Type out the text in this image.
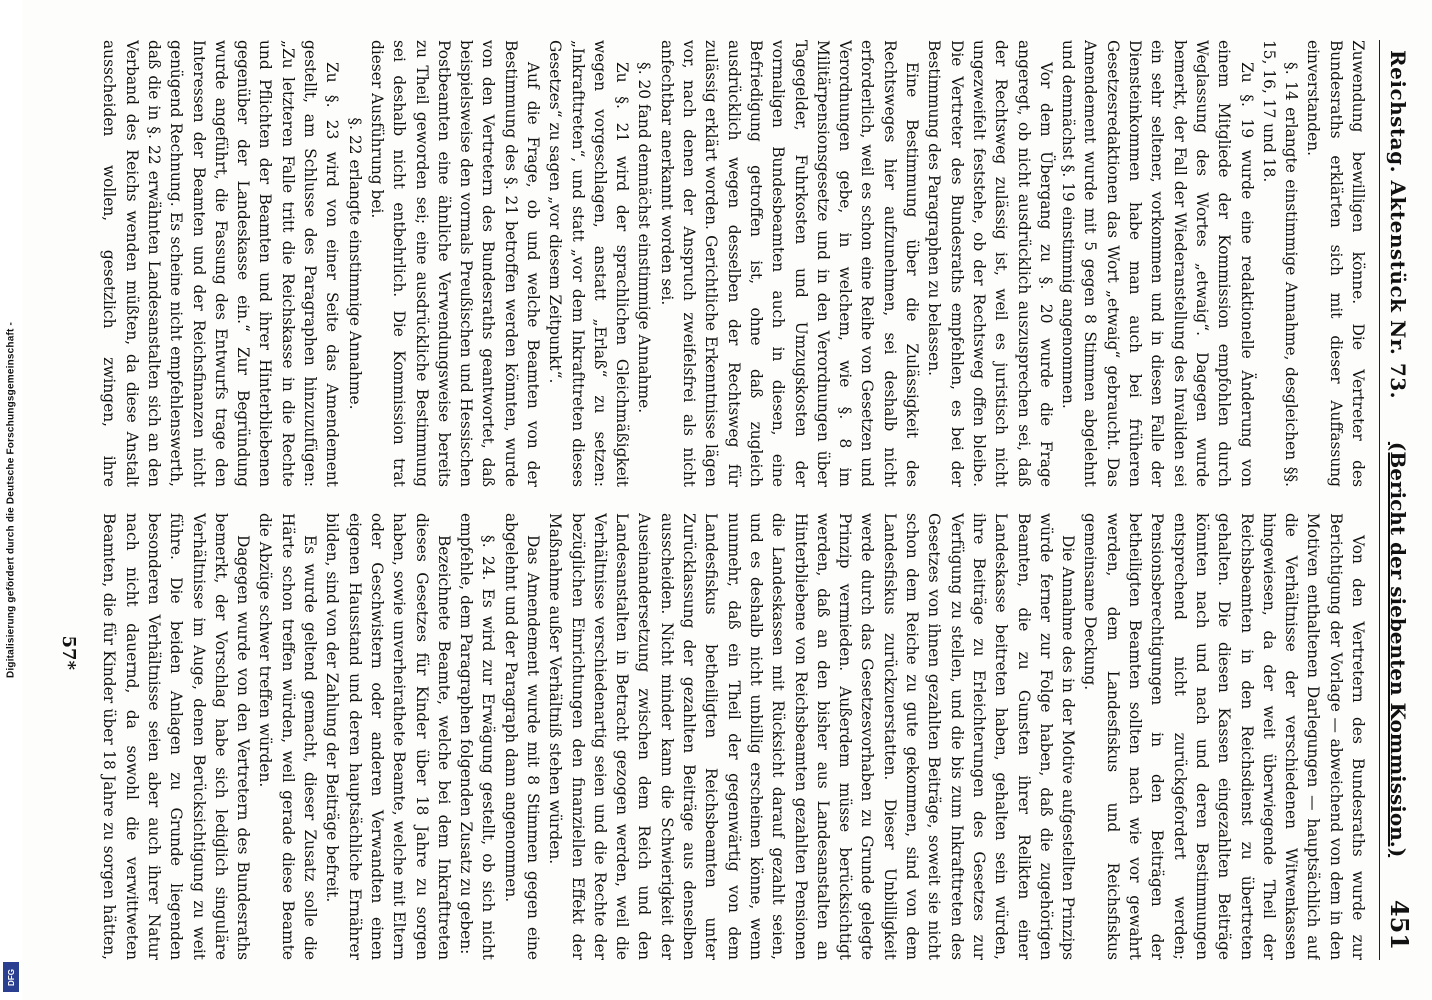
Digitalisierung gefördert durch die Deutsche Forschungsgemeinschaft -
DFG
Reichstag. Aktenstück Nr. 73.
(Bericht der siebenten Kommission.)
451

Zuwendung bewilligen könne. Die Vertreter des Bundesraths erklärten sich mit dieser Auffassung einverstanden.

§. 14 erlangte einstimmige Annahme, desgleichen §§. 15, 16, 17 und 18.

Zu §. 19 wurde eine redaktionelle Änderung von einem Mitgliede der Kommission empfohlen durch Weglassung des Wortes „etwaig“. Dagegen wurde bemerkt, der Fall der Wiederanstellung des Invaliden sei ein sehr seltener, vorkommen und in diesen Falle der Diensteinkommen habe man auch bei früheren Gesetzesredaktionen das Wort „etwaig“ gebraucht. Das Amendement wurde mit 5 gegen 8 Stimmen abgelehnt und demnächst §. 19 einstimmig angenommen.

Vor dem Übergang zu §. 20 wurde die Frage angeregt, ob nicht ausdrücklich auszusprechen sei, daß der Rechtsweg zulässig ist, weil es juristisch nicht ungezweifelt feststehe, ob der Rechtsweg offen bleibe. Die Vertreter des Bundesraths empfehlen, es bei der Bestimmung des Paragraphen zu belassen.

Eine Bestimmung über die Zulässigkeit des Rechtsweges hier aufzunehmen, sei deshalb nicht erforderlich, weil es schon eine Reihe von Gesetzen und Verordnungen gebe, in welchem, wie §. 8 im Militärpensionsgesetze und in den Verordnungen über Tagegelder, Fuhrkosten und Umzugskosten der vormaligen Bundesbeamten auch in diesen, eine Befriedigung getroffen ist, ohne daß zugleich ausdrücklich wegen desselben der Rechtsweg für zulässig erklärt worden. Gerichtliche Erkenntnisse lägen vor, nach denen der Anspruch zweifelsfrei als nicht anfechtbar anerkannt worden sei.

§. 20 fand demnächst einstimmige Annahme.

Zu §. 21 wird der sprachlichen Gleichmäßigkeit wegen vorgeschlagen, anstatt „Erlaß“ zu setzen: „Inkrafttreten“, und statt „vor dem Inkrafttreten dieses Gesetzes“ zu sagen „vor diesem Zeitpunkt“.

Auf die Frage, ob und welche Beamten von der Bestimmung des §. 21 betroffen werden könnten, wurde von den Vertretern des Bundesraths geantwortet, daß beispielsweise den vormals Preußischen und Hessischen Postbeamten eine ähnliche Verwendungsweise bereits zu Theil geworden sei; eine ausdrückliche Bestimmung sei deshalb nicht entbehrlich. Die Kommission trat dieser Ausführung bei.

§. 22 erlangte einstimmige Annahme.

Zu §. 23 wird von einer Seite das Amendement gestellt, am Schlusse des Paragraphen hinzuzufügen: „Zu letzteren Falle tritt die Reichskasse in die Rechte und Pflichten der Beamten und ihrer Hinterbliebenen gegenüber der Landeskasse ein.“ Zur Begründung wurde angeführt, die Fassung des Entwurfs trage den Interessen der Beamten und der Reichsfinanzen nicht genügend Rechnung. Es scheine nicht empfehlenswerth, daß die in §. 22 erwähnten Landesanstalten sich an den Verband des Reichs wenden müßten, da diese Anstalt ausscheiden wollen, gesetzlich zwingen, ihre

Von den Vertretern des Bundesraths wurde zur Berichtigung der Vorlage — abweichend von dem in den Motiven enthaltenen Darlegungen — hauptsächlich auf die Verhältnisse der verschiedenen Witwenkassen hingewiesen, da der weit überwiegende Theil der Reichsbeamten in den Reichsdienst zu übertreten gehalten. Die diesen Kassen eingezahlten Beiträge könnten nach und nach und deren Bestimmungen entsprechend nicht zurückgefordert werden; Pensionsberechtigungen in den Beiträgen der betheiligten Beamten sollten nach wie vor gewahrt werden, dem Landesfiskus und Reichsfiskus gemeinsame Deckung.

Die Annahme des in der Motive aufgestellten Prinzips würde ferner zur Folge haben, daß die zugehörigen Beamten, die zu Gunsten ihrer Relikten einer Landeskasse beitreten haben, gehalten sein würden, ihre Beiträge zu Erleichterungen des Gesetzes zur Verfügung zu stellen, und die bis zum Inkrafttreten des Gesetzes von ihnen gezahlten Beiträge, soweit sie nicht schon dem Reiche zu gute gekommen, sind von dem Landesfiskus zurückzuerstatten. Dieser Unbilligkeit werde durch das Gesetzesvorhaben zu Grunde gelegte Prinzip vermieden. Außerdem müsse berücksichtigt werden, daß an den bisher aus Landesanstalten an Hinterbliebene von Reichsbeamten gezahlten Pensionen die Landeskassen mit Rücksicht darauf gezahlt seien, und es deshalb nicht unbillig erscheinen könne, wenn nunmehr, daß ein Theil der gegenwärtig von dem Landesfiskus betheiligten Reichsbeamten unter Zurücklassung der gezahlten Beiträge aus denselben ausscheiden. Nicht minder kann die Schwierigkeit der Auseinandersetzung zwischen dem Reich und den Landesanstalten in Betracht gezogen werden, weil die Verhältnisse verschiedenartig seien und die Rechte der bezüglichen Einrichtungen den finanziellen Effekt der Maßnahme außer Verhältniß stehen würden.

Das Amendement wurde mit 8 Stimmen gegen eine abgelehnt und der Paragraph dann angenommen.

§. 24. Es wird zur Erwägung gestellt, ob sich nicht empfehle, dem Paragraphen folgenden Zusatz zu geben:

Bezeichnete Beamte, welche bei dem Inkrafttreten dieses Gesetzes für Kinder über 18 Jahre zu sorgen haben, sowie unverheirathete Beamte, welche mit Eltern oder Geschwistern oder anderen Verwandten einen eigenen Hausstand und deren hauptsächliche Ernährer bilden, sind von der Zahlung der Beiträge befreit.

Es wurde geltend gemacht, dieser Zusatz solle die Härte schon treffen würden, weil gerade diese Beamte die Abzüge schwer treffen würden.

Dagegen wurde von den Vertretern des Bundesraths bemerkt, der Vorschlag habe sich lediglich singuläre Verhältnisse im Auge, denen Berücksichtigung zu weit führe. Die beiden Anlagen zu Grunde liegenden besonderen Verhältnisse seien aber auch ihrer Natur nach nicht dauernd, da sowohl die verwittweten Beamten, die für Kinder über 18 Jahre zu sorgen hätten,

57*
